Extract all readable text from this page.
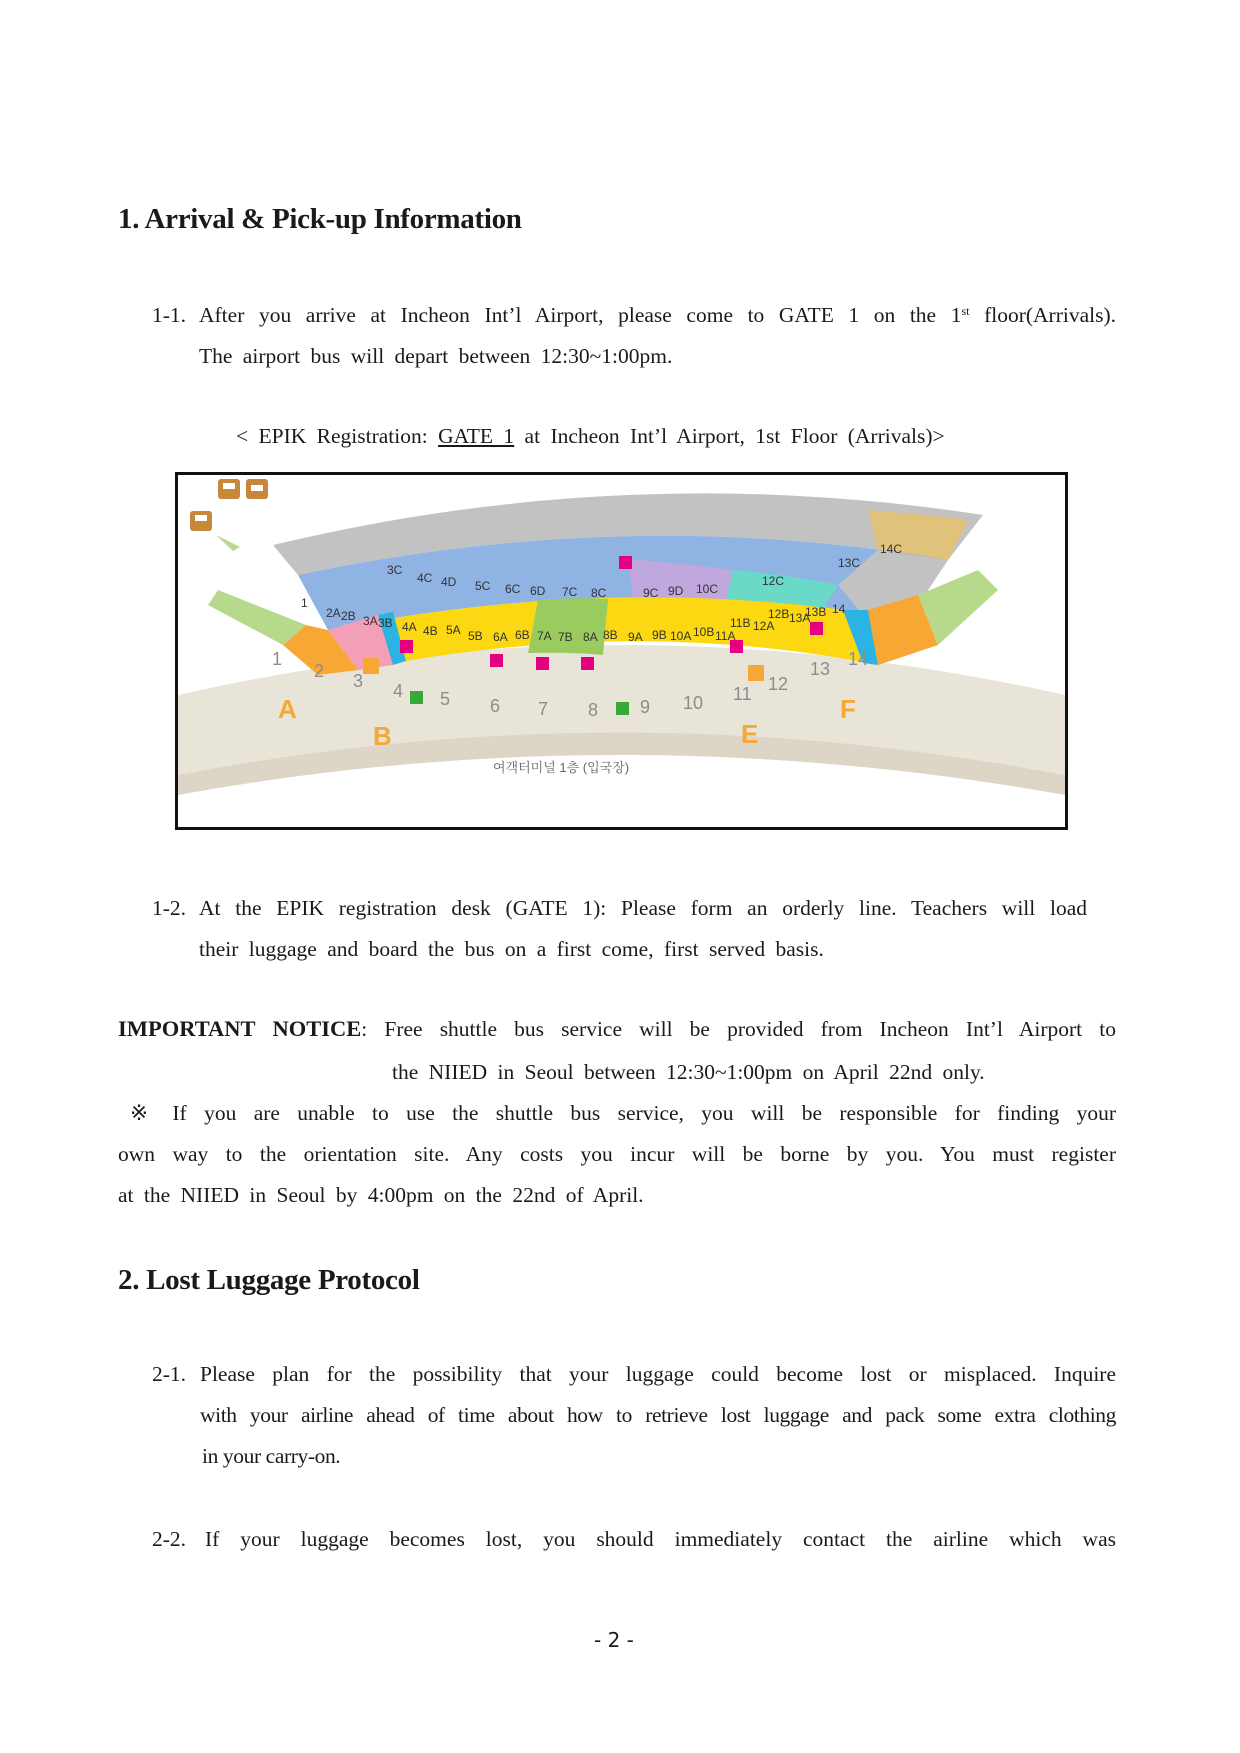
1. Arrival & Pick-up Information
1-1. After you arrive at Incheon Int’l Airport, please come to GATE 1 on the 1st floor(Arrivals).
The airport bus will depart between 12:30~1:00pm.
< EPIK Registration: GATE 1 at Incheon Int’l Airport, 1st Floor (Arrivals)>
3C
4C 4D 5C 6C 6D 7C 8C	9C 9D 10C
12C
13C
14C
1
2A 2B 3A 3B 4A 4B 5A 5B 6A 6B 7A 7B 8A 8B 9A 9B 10A 10B 11A
11B 12A
12B 13A
13B 14
1
2 3 4 5 6 7 8 9 10 11 12
13 14
A
B	E
F
여객터미널 1층 (입국장)
1-2. At the EPIK registration desk (GATE 1): Please form an orderly line. Teachers will load
their luggage and board the bus on a first come, first served basis.
IMPORTANT NOTICE: Free shuttle bus service will be provided from Incheon Int’l Airport to
the NIIED in Seoul between 12:30~1:00pm on April 22nd only.
※ If you are unable to use the shuttle bus service, you will be responsible for finding your
own way to the orientation site. Any costs you incur will be borne by you. You must register
at the NIIED in Seoul by 4:00pm on the 22nd of April.
2. Lost Luggage Protocol
2-1. Please plan for the possibility that your luggage could become lost or misplaced. Inquire
with your airline ahead of time about how to retrieve lost luggage and pack some extra clothing
in your carry-on.
2-2. If your luggage becomes lost, you should immediately contact the airline which was
- 2 -
